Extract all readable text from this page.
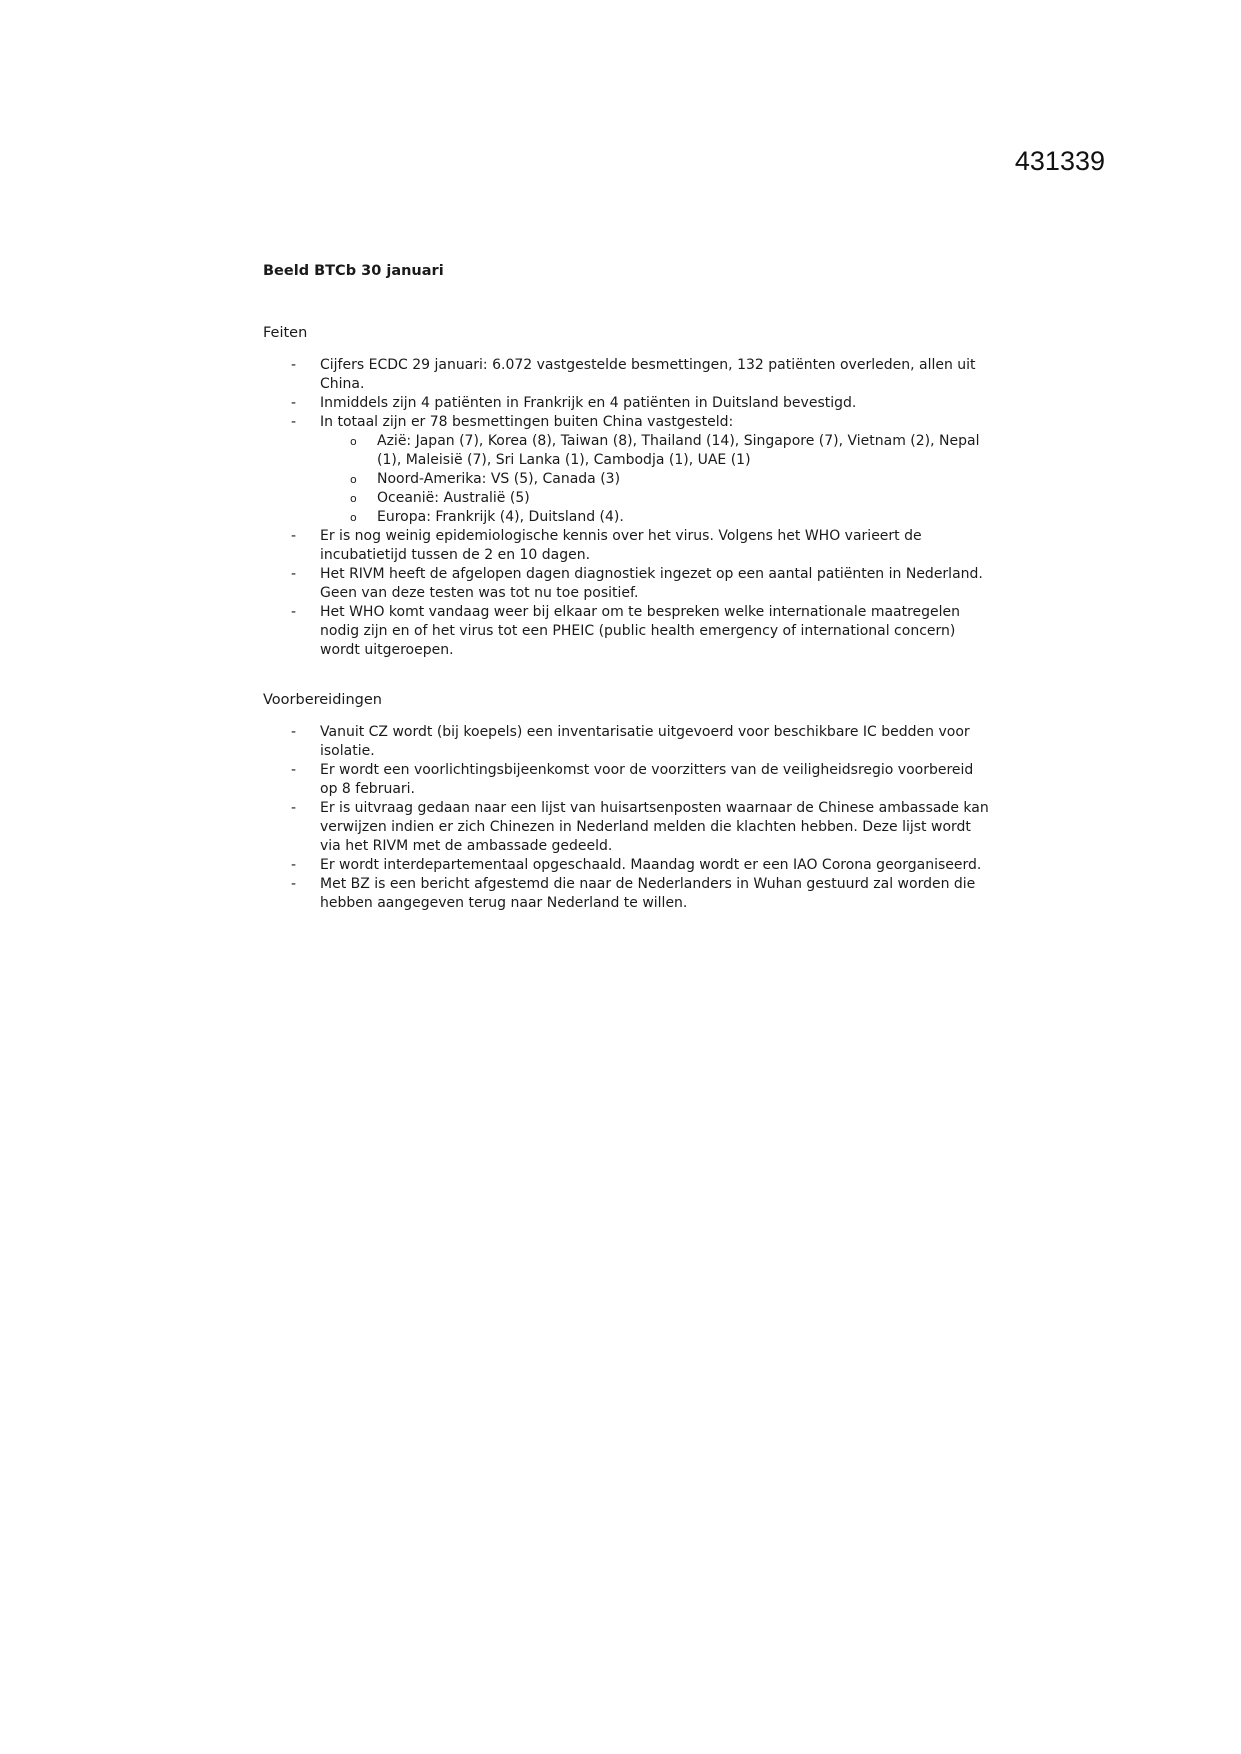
431339

Beeld BTCb 30 januari

Feiten

- Cijfers ECDC 29 januari: 6.072 vastgestelde besmettingen, 132 patiënten overleden, allen uit China.
- Inmiddels zijn 4 patiënten in Frankrijk en 4 patiënten in Duitsland bevestigd.
- In totaal zijn er 78 besmettingen buiten China vastgesteld:
o Azië: Japan (7), Korea (8), Taiwan (8), Thailand (14), Singapore (7), Vietnam (2), Nepal (1), Maleisië (7), Sri Lanka (1), Cambodja (1), UAE (1)
o Noord-Amerika: VS (5), Canada (3)
o Oceanië: Australië (5)
o Europa: Frankrijk (4), Duitsland (4).
- Er is nog weinig epidemiologische kennis over het virus. Volgens het WHO varieert de incubatietijd tussen de 2 en 10 dagen.
- Het RIVM heeft de afgelopen dagen diagnostiek ingezet op een aantal patiënten in Nederland. Geen van deze testen was tot nu toe positief.
- Het WHO komt vandaag weer bij elkaar om te bespreken welke internationale maatregelen nodig zijn en of het virus tot een PHEIC (public health emergency of international concern) wordt uitgeroepen.

Voorbereidingen

- Vanuit CZ wordt (bij koepels) een inventarisatie uitgevoerd voor beschikbare IC bedden voor isolatie.
- Er wordt een voorlichtingsbijeenkomst voor de voorzitters van de veiligheidsregio voorbereid op 8 februari.
- Er is uitvraag gedaan naar een lijst van huisartsenposten waarnaar de Chinese ambassade kan verwijzen indien er zich Chinezen in Nederland melden die klachten hebben. Deze lijst wordt via het RIVM met de ambassade gedeeld.
- Er wordt interdepartementaal opgeschaald. Maandag wordt er een IAO Corona georganiseerd.
- Met BZ is een bericht afgestemd die naar de Nederlanders in Wuhan gestuurd zal worden die hebben aangegeven terug naar Nederland te willen.
